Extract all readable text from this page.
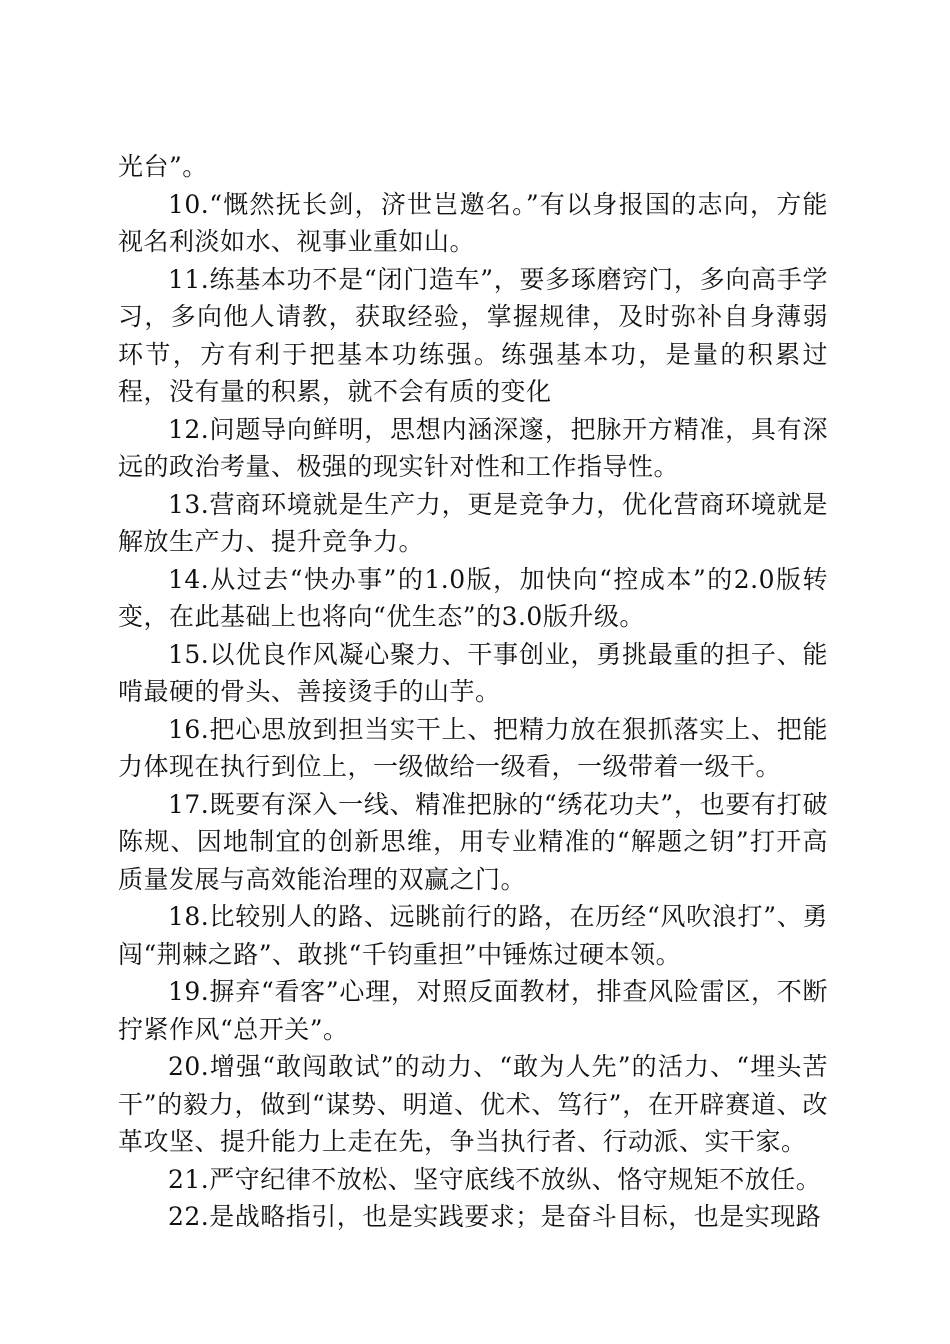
光台”。

10.“慨然抚长剑，济世岂邀名。”有以身报国的志向，方能视名利淡如水、视事业重如山。

11.练基本功不是“闭门造车”，要多琢磨窍门，多向高手学习，多向他人请教，获取经验，掌握规律，及时弥补自身薄弱环节，方有利于把基本功练强。练强基本功，是量的积累过程，没有量的积累，就不会有质的变化

12.问题导向鲜明，思想内涵深邃，把脉开方精准，具有深远的政治考量、极强的现实针对性和工作指导性。

13.营商环境就是生产力，更是竞争力，优化营商环境就是解放生产力、提升竞争力。

14.从过去“快办事”的1.0版，加快向“控成本”的2.0版转变，在此基础上也将向“优生态”的3.0版升级。

15.以优良作风凝心聚力、干事创业，勇挑最重的担子、能啃最硬的骨头、善接烫手的山芋。

16.把心思放到担当实干上、把精力放在狠抓落实上、把能力体现在执行到位上，一级做给一级看，一级带着一级干。

17.既要有深入一线、精准把脉的“绣花功夫”，也要有打破陈规、因地制宜的创新思维，用专业精准的“解题之钥”打开高质量发展与高效能治理的双赢之门。

18.比较别人的路、远眺前行的路，在历经“风吹浪打”、勇闯“荆棘之路”、敢挑“千钧重担”中锤炼过硬本领。

19.摒弃“看客”心理，对照反面教材，排查风险雷区，不断拧紧作风“总开关”。

20.增强“敢闯敢试”的动力、“敢为人先”的活力、“埋头苦干”的毅力，做到“谋势、明道、优术、笃行”，在开辟赛道、改革攻坚、提升能力上走在先，争当执行者、行动派、实干家。

21.严守纪律不放松、坚守底线不放纵、恪守规矩不放任。

22.是战略指引，也是实践要求；是奋斗目标，也是实现路
